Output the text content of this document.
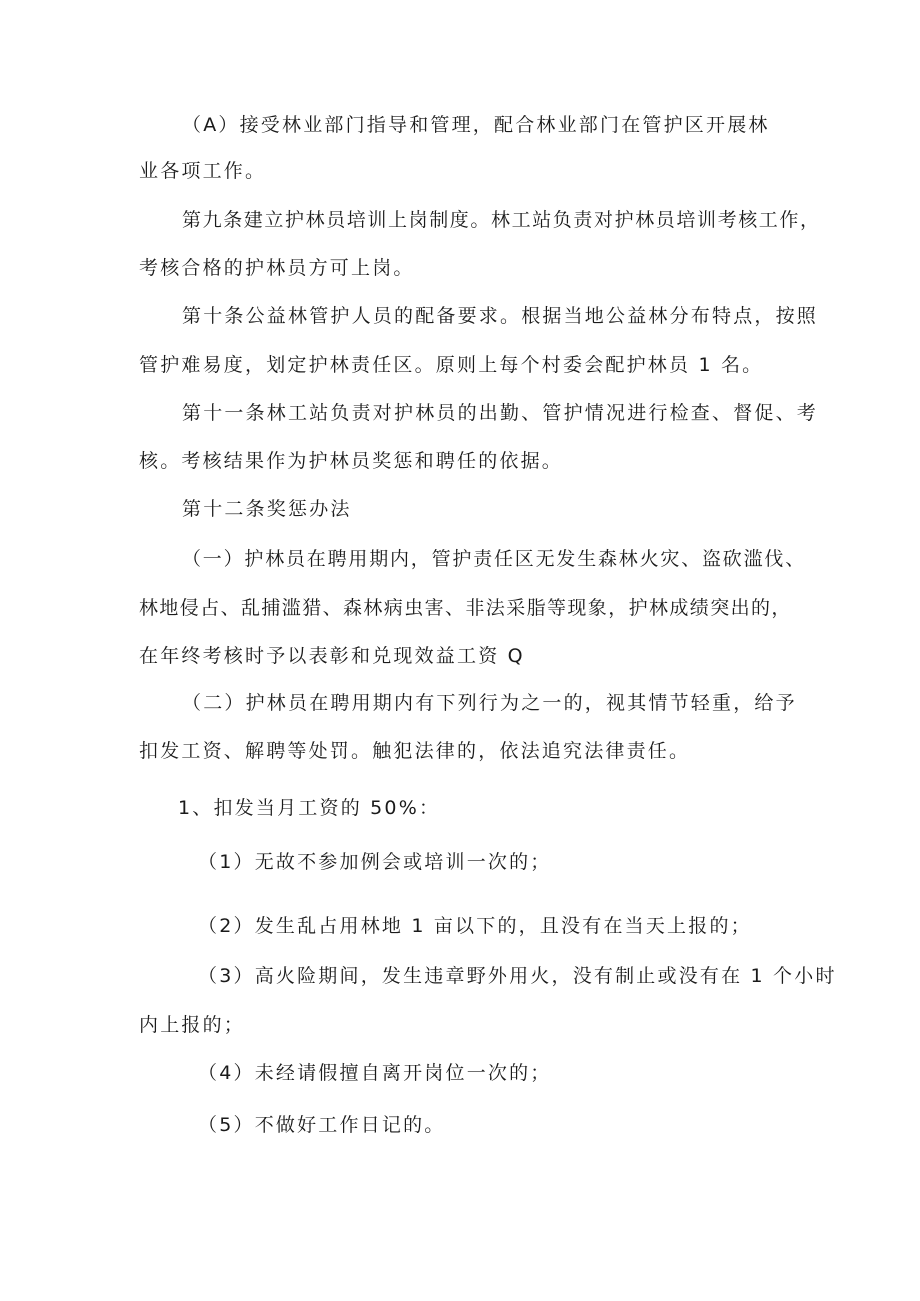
（A）接受林业部门指导和管理，配合林业部门在管护区开展林
业各项工作。
第九条建立护林员培训上岗制度。林工站负责对护林员培训考核工作，
考核合格的护林员方可上岗。
第十条公益林管护人员的配备要求。根据当地公益林分布特点，按照
管护难易度，划定护林责任区。原则上每个村委会配护林员 1 名。
第十一条林工站负责对护林员的出勤、管护情况进行检查、督促、考
核。考核结果作为护林员奖惩和聘任的依据。
第十二条奖惩办法
（一）护林员在聘用期内，管护责任区无发生森林火灾、盗砍滥伐、
林地侵占、乱捕滥猎、森林病虫害、非法采脂等现象，护林成绩突出的，
在年终考核时予以表彰和兑现效益工资 Q
（二）护林员在聘用期内有下列行为之一的，视其情节轻重，给予
扣发工资、解聘等处罚。触犯法律的，依法追究法律责任。
1、扣发当月工资的 50%：
（1）无故不参加例会或培训一次的；
（2）发生乱占用林地 1 亩以下的，且没有在当天上报的；
（3）高火险期间，发生违章野外用火，没有制止或没有在 1 个小时
内上报的；
（4）未经请假擅自离开岗位一次的；
（5）不做好工作日记的。
